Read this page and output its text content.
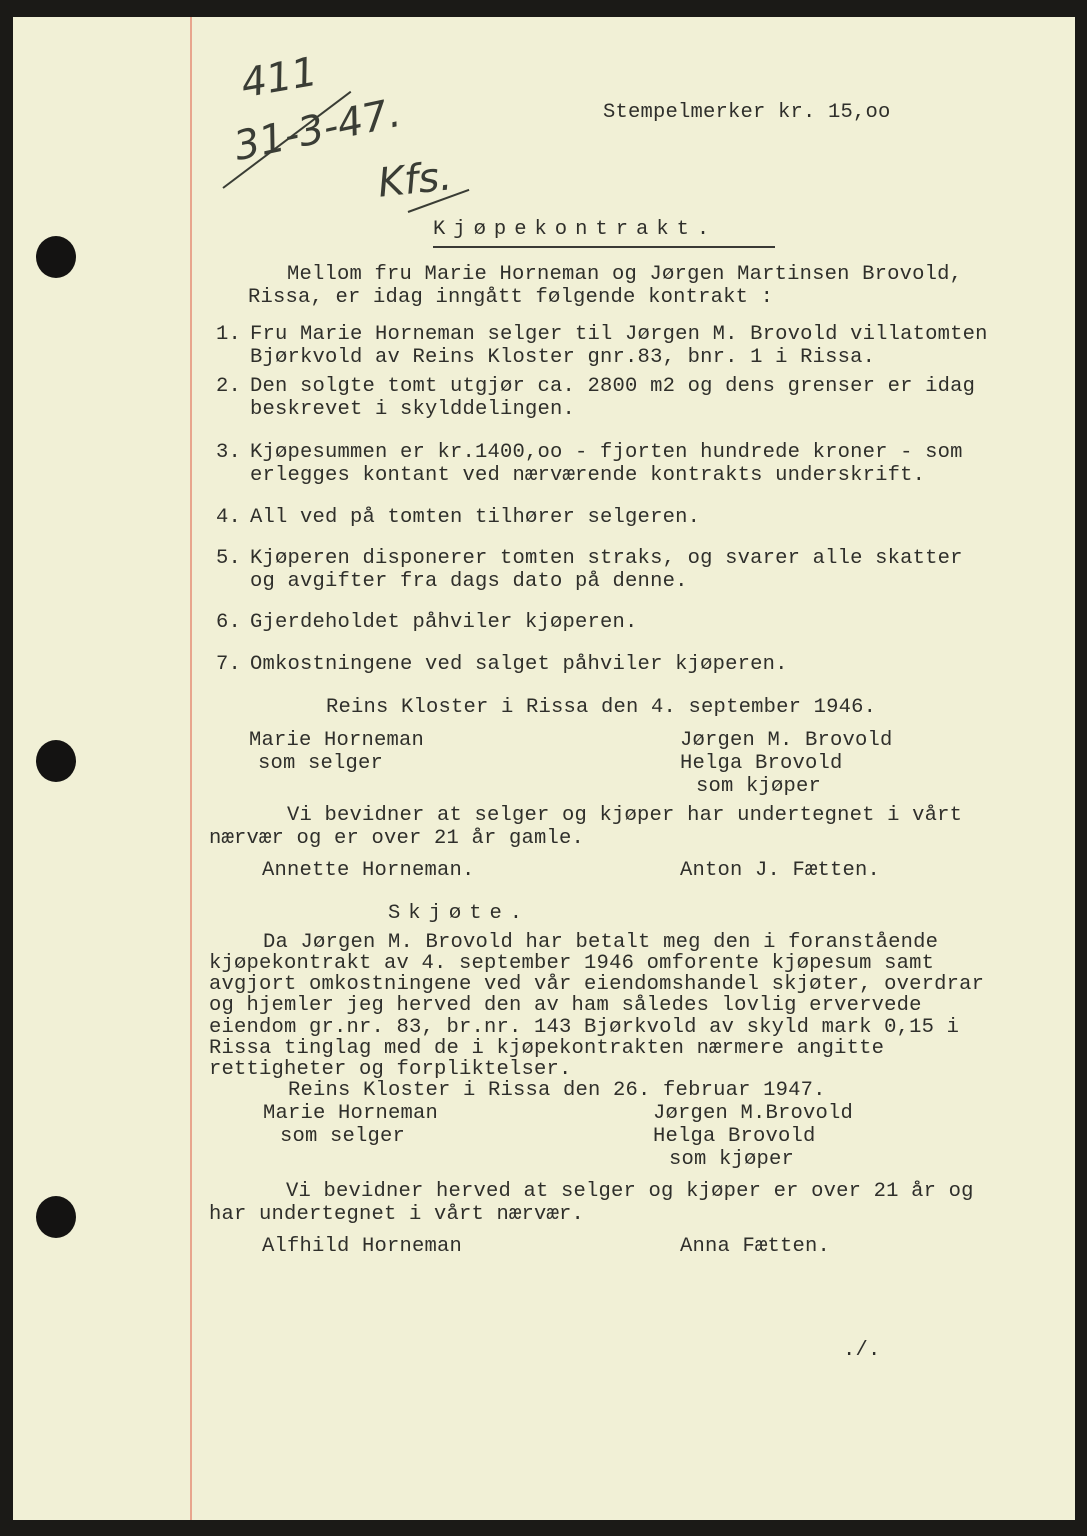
411
31-3-47.
Kfs.
Stempelmerker kr. 15,oo
Kjøpekontrakt.
Mellom fru Marie Horneman og Jørgen Martinsen Brovold,
Rissa, er idag inngått følgende kontrakt :
1. Fru Marie Horneman selger til Jørgen M. Brovold villatomten
Bjørkvold av Reins Kloster gnr.83, bnr. 1 i Rissa.
2. Den solgte tomt utgjør ca. 2800 m2 og dens grenser er idag
beskrevet i skylddelingen.
3. Kjøpesummen er kr.1400,oo - fjorten hundrede kroner - som
erlegges kontant ved nærværende kontrakts underskrift.
4. All ved på tomten tilhører selgeren.
5. Kjøperen disponerer tomten straks, og svarer alle skatter
og avgifter fra dags dato på denne.
6. Gjerdeholdet påhviler kjøperen.
7. Omkostningene ved salget påhviler kjøperen.
Reins Kloster i Rissa den 4. september 1946.
Marie Horneman
som selger
Jørgen M. Brovold
Helga Brovold
som kjøper
Vi bevidner at selger og kjøper har undertegnet i vårt
nærvær og er over 21 år gamle.
Annette Horneman.	Anton J. Fætten.
Skjøte.
Da Jørgen M. Brovold har betalt meg den i foranstående
kjøpekontrakt av 4. september 1946 omforente kjøpesum samt
avgjort omkostningene ved vår eiendomshandel skjøter, overdrar
og hjemler jeg herved den av ham således lovlig ervervede
eiendom gr.nr. 83, br.nr. 143 Bjørkvold av skyld mark 0,15 i
Rissa tinglag med de i kjøpekontrakten nærmere angitte
rettigheter og forpliktelser.
Reins Kloster i Rissa den 26. februar 1947.
Marie Horneman
som selger
Jørgen M.Brovold
Helga Brovold
som kjøper
Vi bevidner herved at selger og kjøper er over 21 år og
har undertegnet i vårt nærvær.
Alfhild Horneman	Anna Fætten.
./.
